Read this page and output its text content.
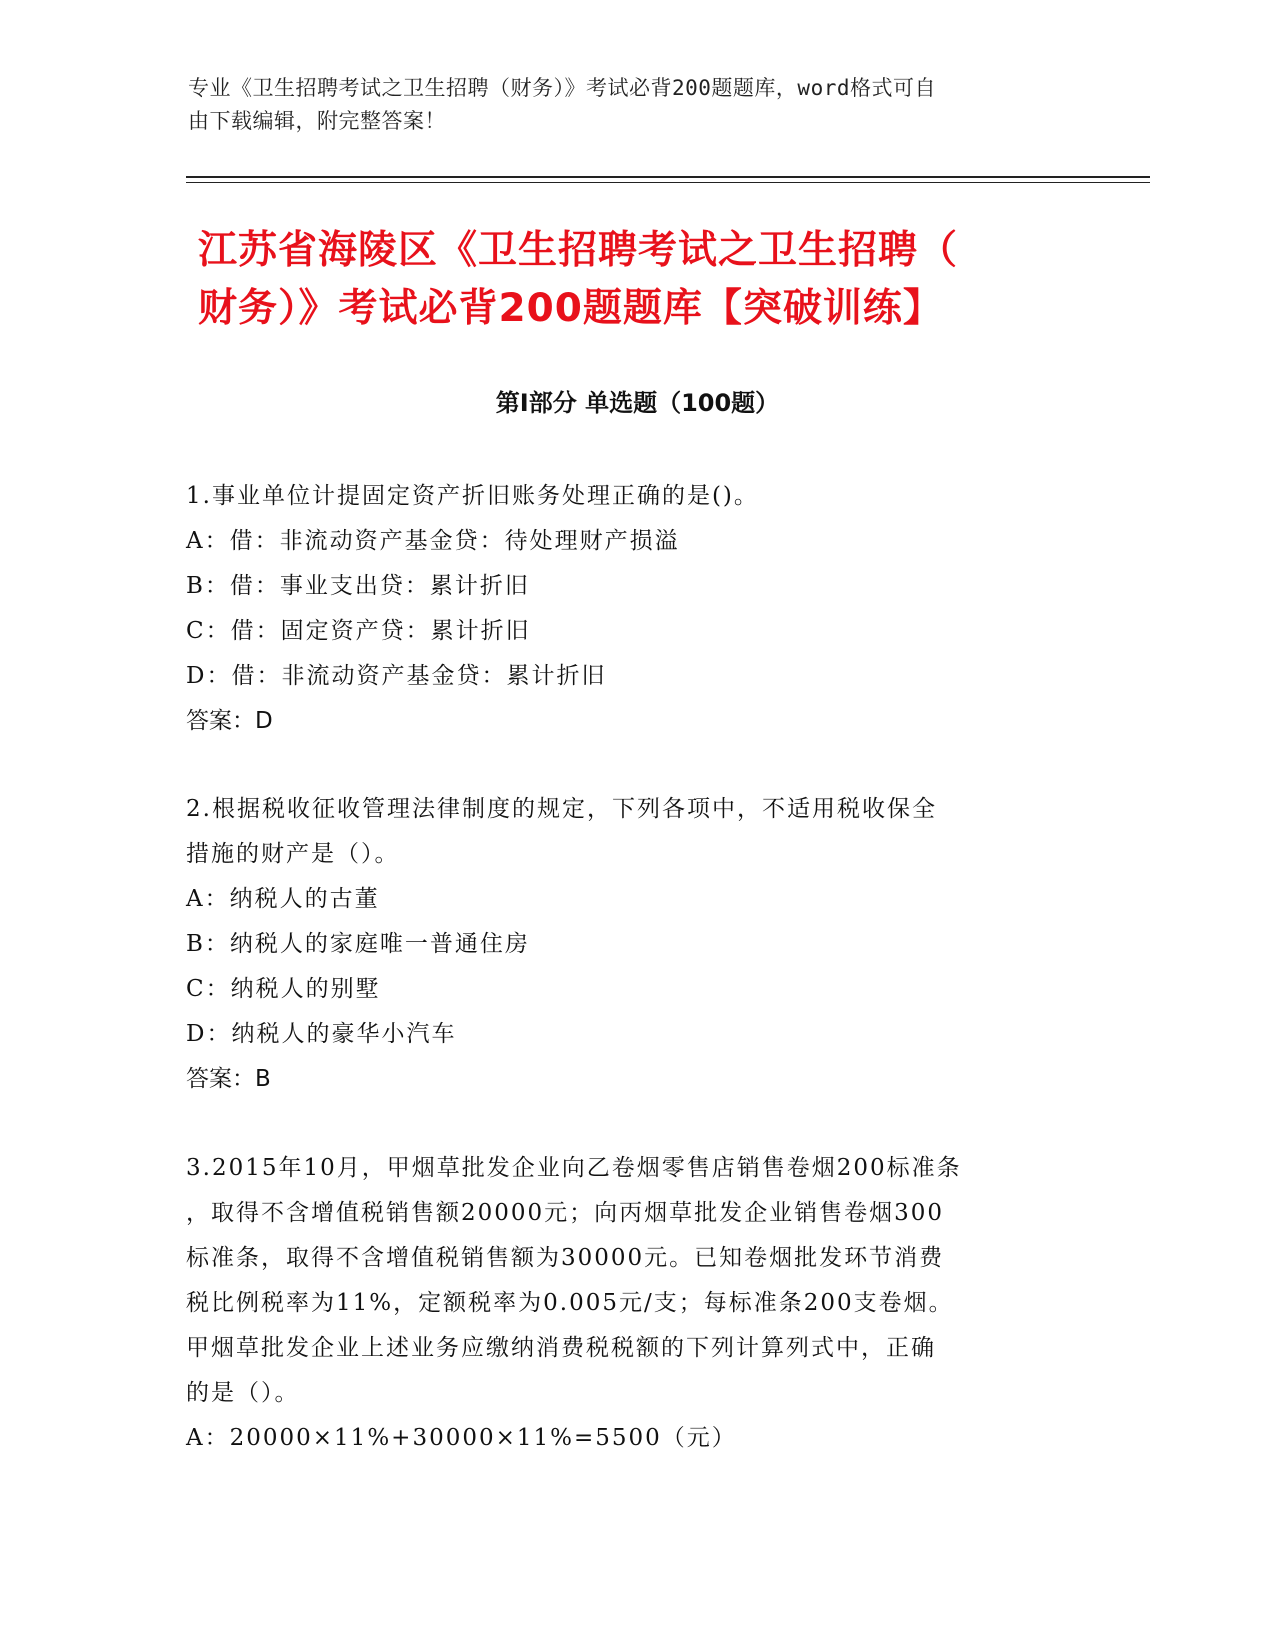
专业《卫生招聘考试之卫生招聘（财务）》考试必背200题题库，word格式可自
由下载编辑，附完整答案！
江苏省海陵区《卫生招聘考试之卫生招聘（
财务）》考试必背200题题库【突破训练】
第I部分 单选题（100题）

1.事业单位计提固定资产折旧账务处理正确的是()。

A：借：非流动资产基金贷：待处理财产损溢

B：借：事业支出贷：累计折旧

C：借：固定资产贷：累计折旧

D：借：非流动资产基金贷：累计折旧

答案：D

2.根据税收征收管理法律制度的规定，下列各项中，不适用税收保全

措施的财产是（）。

A：纳税人的古董

B：纳税人的家庭唯一普通住房

C：纳税人的别墅

D：纳税人的豪华小汽车

答案：B

3.2015年10月，甲烟草批发企业向乙卷烟零售店销售卷烟200标准条

，取得不含增值税销售额20000元；向丙烟草批发企业销售卷烟300

标准条，取得不含增值税销售额为30000元。已知卷烟批发环节消费

税比例税率为11%，定额税率为0.005元/支；每标准条200支卷烟。

甲烟草批发企业上述业务应缴纳消费税税额的下列计算列式中，正确

的是（）。

A：20000×11%+30000×11%=5500（元）
